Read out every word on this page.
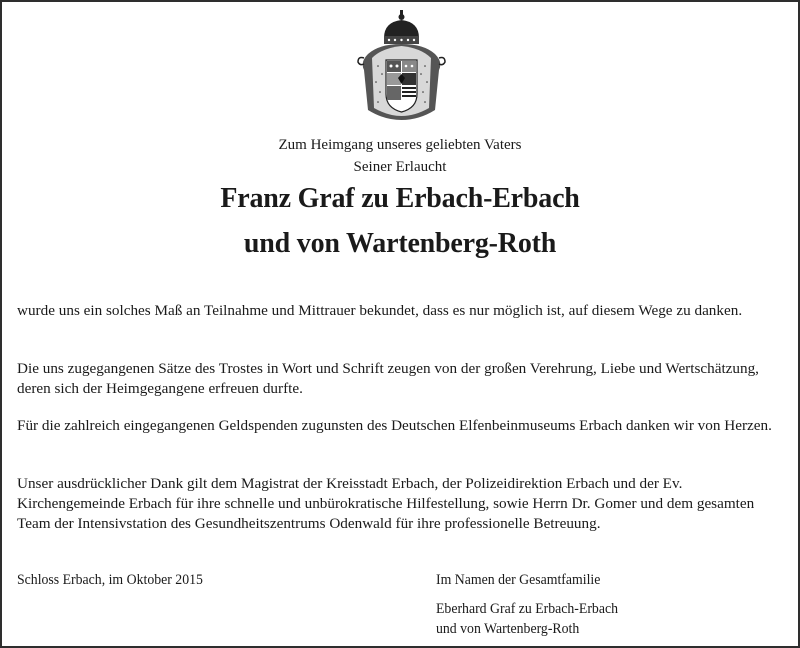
Zum Heimgang unseres geliebten Vaters
Seiner Erlaucht
Franz Graf zu Erbach-Erbach
und von Wartenberg-Roth
wurde uns ein solches Maß an Teilnahme und Mittrauer bekundet, dass es nur möglich ist, auf diesem Wege zu danken.
Die uns zugegangenen Sätze des Trostes in Wort und Schrift zeugen von der großen Verehrung, Liebe und Wertschätzung, deren sich der Heimgegangene erfreuen durfte.
Für die zahlreich eingegangenen Geldspenden zugunsten des Deutschen Elfenbeinmuseums Erbach danken wir von Herzen.
Unser ausdrücklicher Dank gilt dem Magistrat der Kreisstadt Erbach, der Polizeidirektion Erbach und der Ev. Kirchengemeinde Erbach für ihre schnelle und unbürokratische Hilfestellung, sowie Herrn Dr. Gomer und dem gesamten Team der Intensivstation des Gesundheitszentrums Odenwald für ihre professionelle Betreuung.
Schloss Erbach, im Oktober 2015	Im Namen der Gesamtfamilie
Eberhard Graf zu Erbach-Erbach
und von Wartenberg-Roth
